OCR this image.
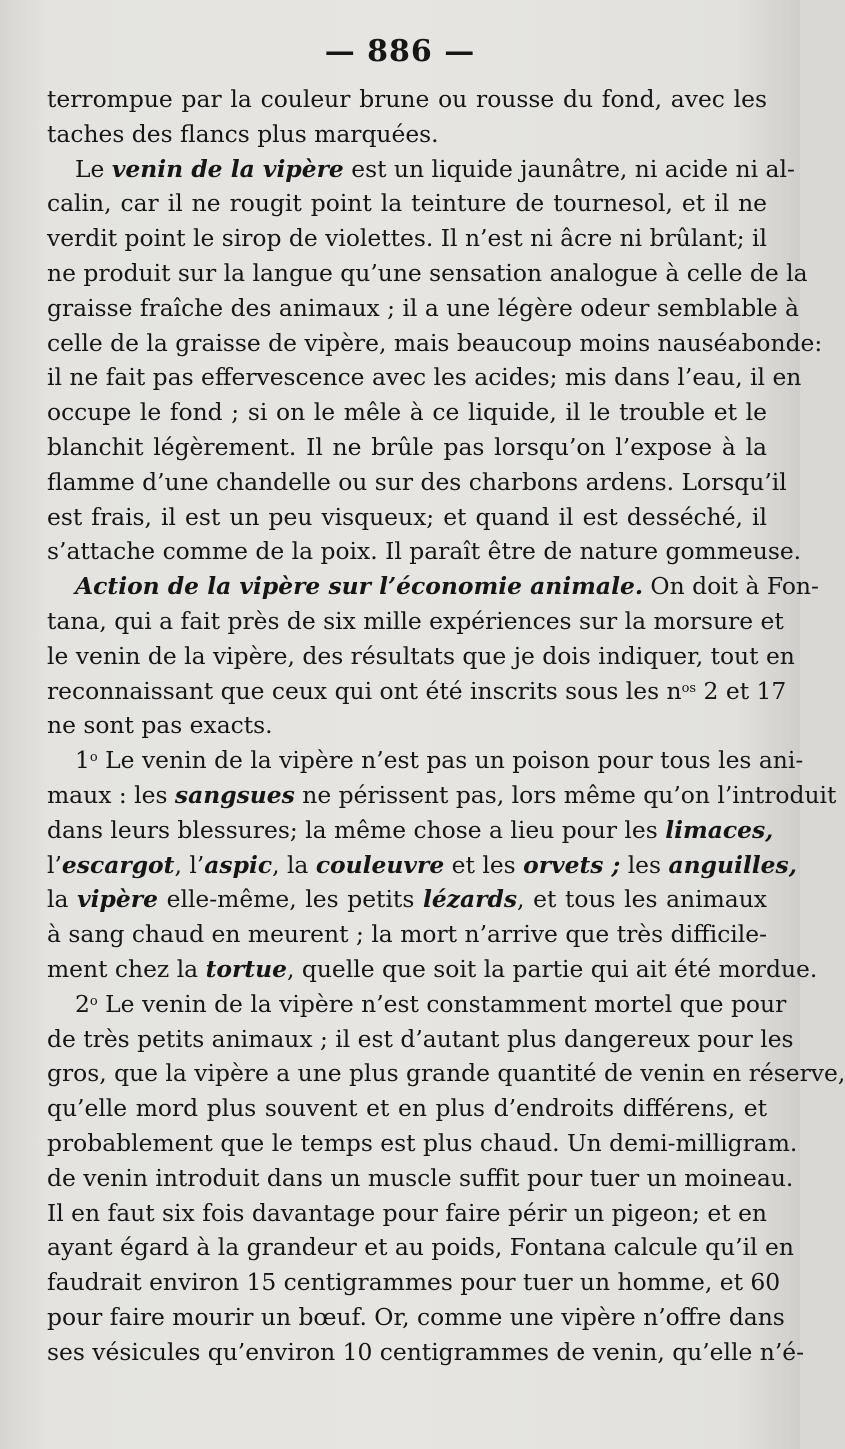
— 886 —
terrompue par la couleur brune ou rousse du fond, avec les
taches des flancs plus marquées.
Le venin de la vipère est un liquide jaunâtre, ni acide ni al-
calin, car il ne rougit point la teinture de tournesol, et il ne
verdit point le sirop de violettes. Il n’est ni âcre ni brûlant; il
ne produit sur la langue qu’une sensation analogue à celle de la
graisse fraîche des animaux ; il a une légère odeur semblable à
celle de la graisse de vipère, mais beaucoup moins nauséabonde:
il ne fait pas effervescence avec les acides; mis dans l’eau, il en
occupe le fond ; si on le mêle à ce liquide, il le trouble et le
blanchit légèrement. Il ne brûle pas lorsqu’on l’expose à la
flamme d’une chandelle ou sur des charbons ardens. Lorsqu’il
est frais, il est un peu visqueux; et quand il est desséché, il
s’attache comme de la poix. Il paraît être de nature gommeuse.
Action de la vipère sur l’économie animale. On doit à Fon-
tana, qui a fait près de six mille expériences sur la morsure et
le venin de la vipère, des résultats que je dois indiquer, tout en
reconnaissant que ceux qui ont été inscrits sous les $n^{os}$ 2 et 17
ne sont pas exacts.
1$^o$ Le venin de la vipère n’est pas un poison pour tous les ani-
maux : les sangsues ne périssent pas, lors même qu’on l’introduit
dans leurs blessures; la même chose a lieu pour les limaces,
l’escargot, l’aspic, la couleuvre et les orvets ; les anguilles,
la vipère elle-même, les petits lézards, et tous les animaux
à sang chaud en meurent ; la mort n’arrive que très difficile-
ment chez la tortue, quelle que soit la partie qui ait été mordue.
2$^o$ Le venin de la vipère n’est constamment mortel que pour
de très petits animaux ; il est d’autant plus dangereux pour les
gros, que la vipère a une plus grande quantité de venin en réserve,
qu’elle mord plus souvent et en plus d’endroits différens, et
probablement que le temps est plus chaud. Un demi-milligram.
de venin introduit dans un muscle suffit pour tuer un moineau.
Il en faut six fois davantage pour faire périr un pigeon; et en
ayant égard à la grandeur et au poids, Fontana calcule qu’il en
faudrait environ 15 centigrammes pour tuer un homme, et 60
pour faire mourir un bœuf. Or, comme une vipère n’offre dans
ses vésicules qu’environ 10 centigrammes de venin, qu’elle n’é-
